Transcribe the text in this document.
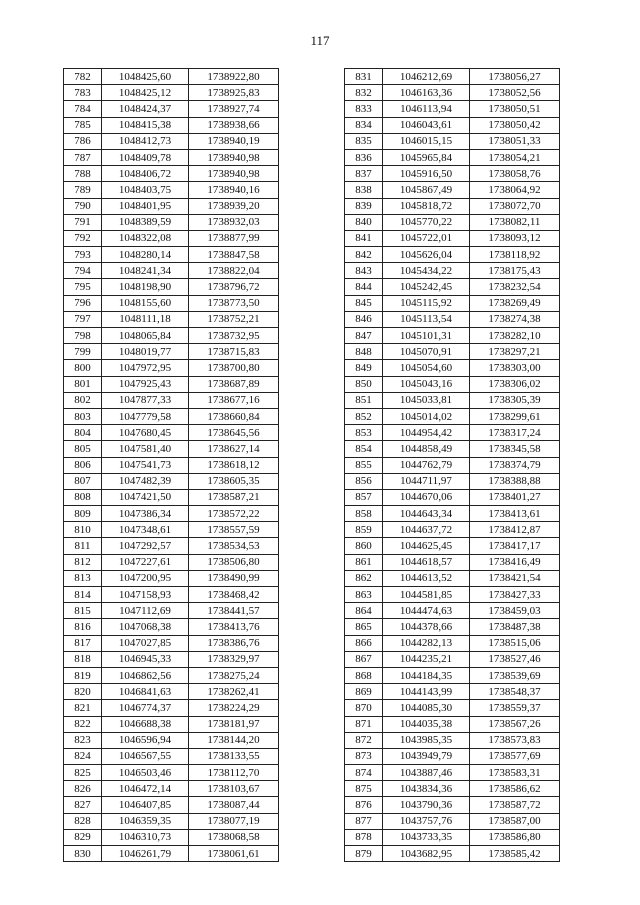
117
782	1048425,60	1738922,80
783	1048425,12	1738925,83
784	1048424,37	1738927,74
785	1048415,38	1738938,66
786	1048412,73	1738940,19
787	1048409,78	1738940,98
788	1048406,72	1738940,98
789	1048403,75	1738940,16
790	1048401,95	1738939,20
791	1048389,59	1738932,03
792	1048322,08	1738877,99
793	1048280,14	1738847,58
794	1048241,34	1738822,04
795	1048198,90	1738796,72
796	1048155,60	1738773,50
797	1048111,18	1738752,21
798	1048065,84	1738732,95
799	1048019,77	1738715,83
800	1047972,95	1738700,80
801	1047925,43	1738687,89
802	1047877,33	1738677,16
803	1047779,58	1738660,84
804	1047680,45	1738645,56
805	1047581,40	1738627,14
806	1047541,73	1738618,12
807	1047482,39	1738605,35
808	1047421,50	1738587,21
809	1047386,34	1738572,22
810	1047348,61	1738557,59
811	1047292,57	1738534,53
812	1047227,61	1738506,80
813	1047200,95	1738490,99
814	1047158,93	1738468,42
815	1047112,69	1738441,57
816	1047068,38	1738413,76
817	1047027,85	1738386,76
818	1046945,33	1738329,97
819	1046862,56	1738275,24
820	1046841,63	1738262,41
821	1046774,37	1738224,29
822	1046688,38	1738181,97
823	1046596,94	1738144,20
824	1046567,55	1738133,55
825	1046503,46	1738112,70
826	1046472,14	1738103,67
827	1046407,85	1738087,44
828	1046359,35	1738077,19
829	1046310,73	1738068,58
830	1046261,79	1738061,61
831	1046212,69	1738056,27
832	1046163,36	1738052,56
833	1046113,94	1738050,51
834	1046043,61	1738050,42
835	1046015,15	1738051,33
836	1045965,84	1738054,21
837	1045916,50	1738058,76
838	1045867,49	1738064,92
839	1045818,72	1738072,70
840	1045770,22	1738082,11
841	1045722,01	1738093,12
842	1045626,04	1738118,92
843	1045434,22	1738175,43
844	1045242,45	1738232,54
845	1045115,92	1738269,49
846	1045113,54	1738274,38
847	1045101,31	1738282,10
848	1045070,91	1738297,21
849	1045054,60	1738303,00
850	1045043,16	1738306,02
851	1045033,81	1738305,39
852	1045014,02	1738299,61
853	1044954,42	1738317,24
854	1044858,49	1738345,58
855	1044762,79	1738374,79
856	1044711,97	1738388,88
857	1044670,06	1738401,27
858	1044643,34	1738413,61
859	1044637,72	1738412,87
860	1044625,45	1738417,17
861	1044618,57	1738416,49
862	1044613,52	1738421,54
863	1044581,85	1738427,33
864	1044474,63	1738459,03
865	1044378,66	1738487,38
866	1044282,13	1738515,06
867	1044235,21	1738527,46
868	1044184,35	1738539,69
869	1044143,99	1738548,37
870	1044085,30	1738559,37
871	1044035,38	1738567,26
872	1043985,35	1738573,83
873	1043949,79	1738577,69
874	1043887,46	1738583,31
875	1043834,36	1738586,62
876	1043790,36	1738587,72
877	1043757,76	1738587,00
878	1043733,35	1738586,80
879	1043682,95	1738585,42
